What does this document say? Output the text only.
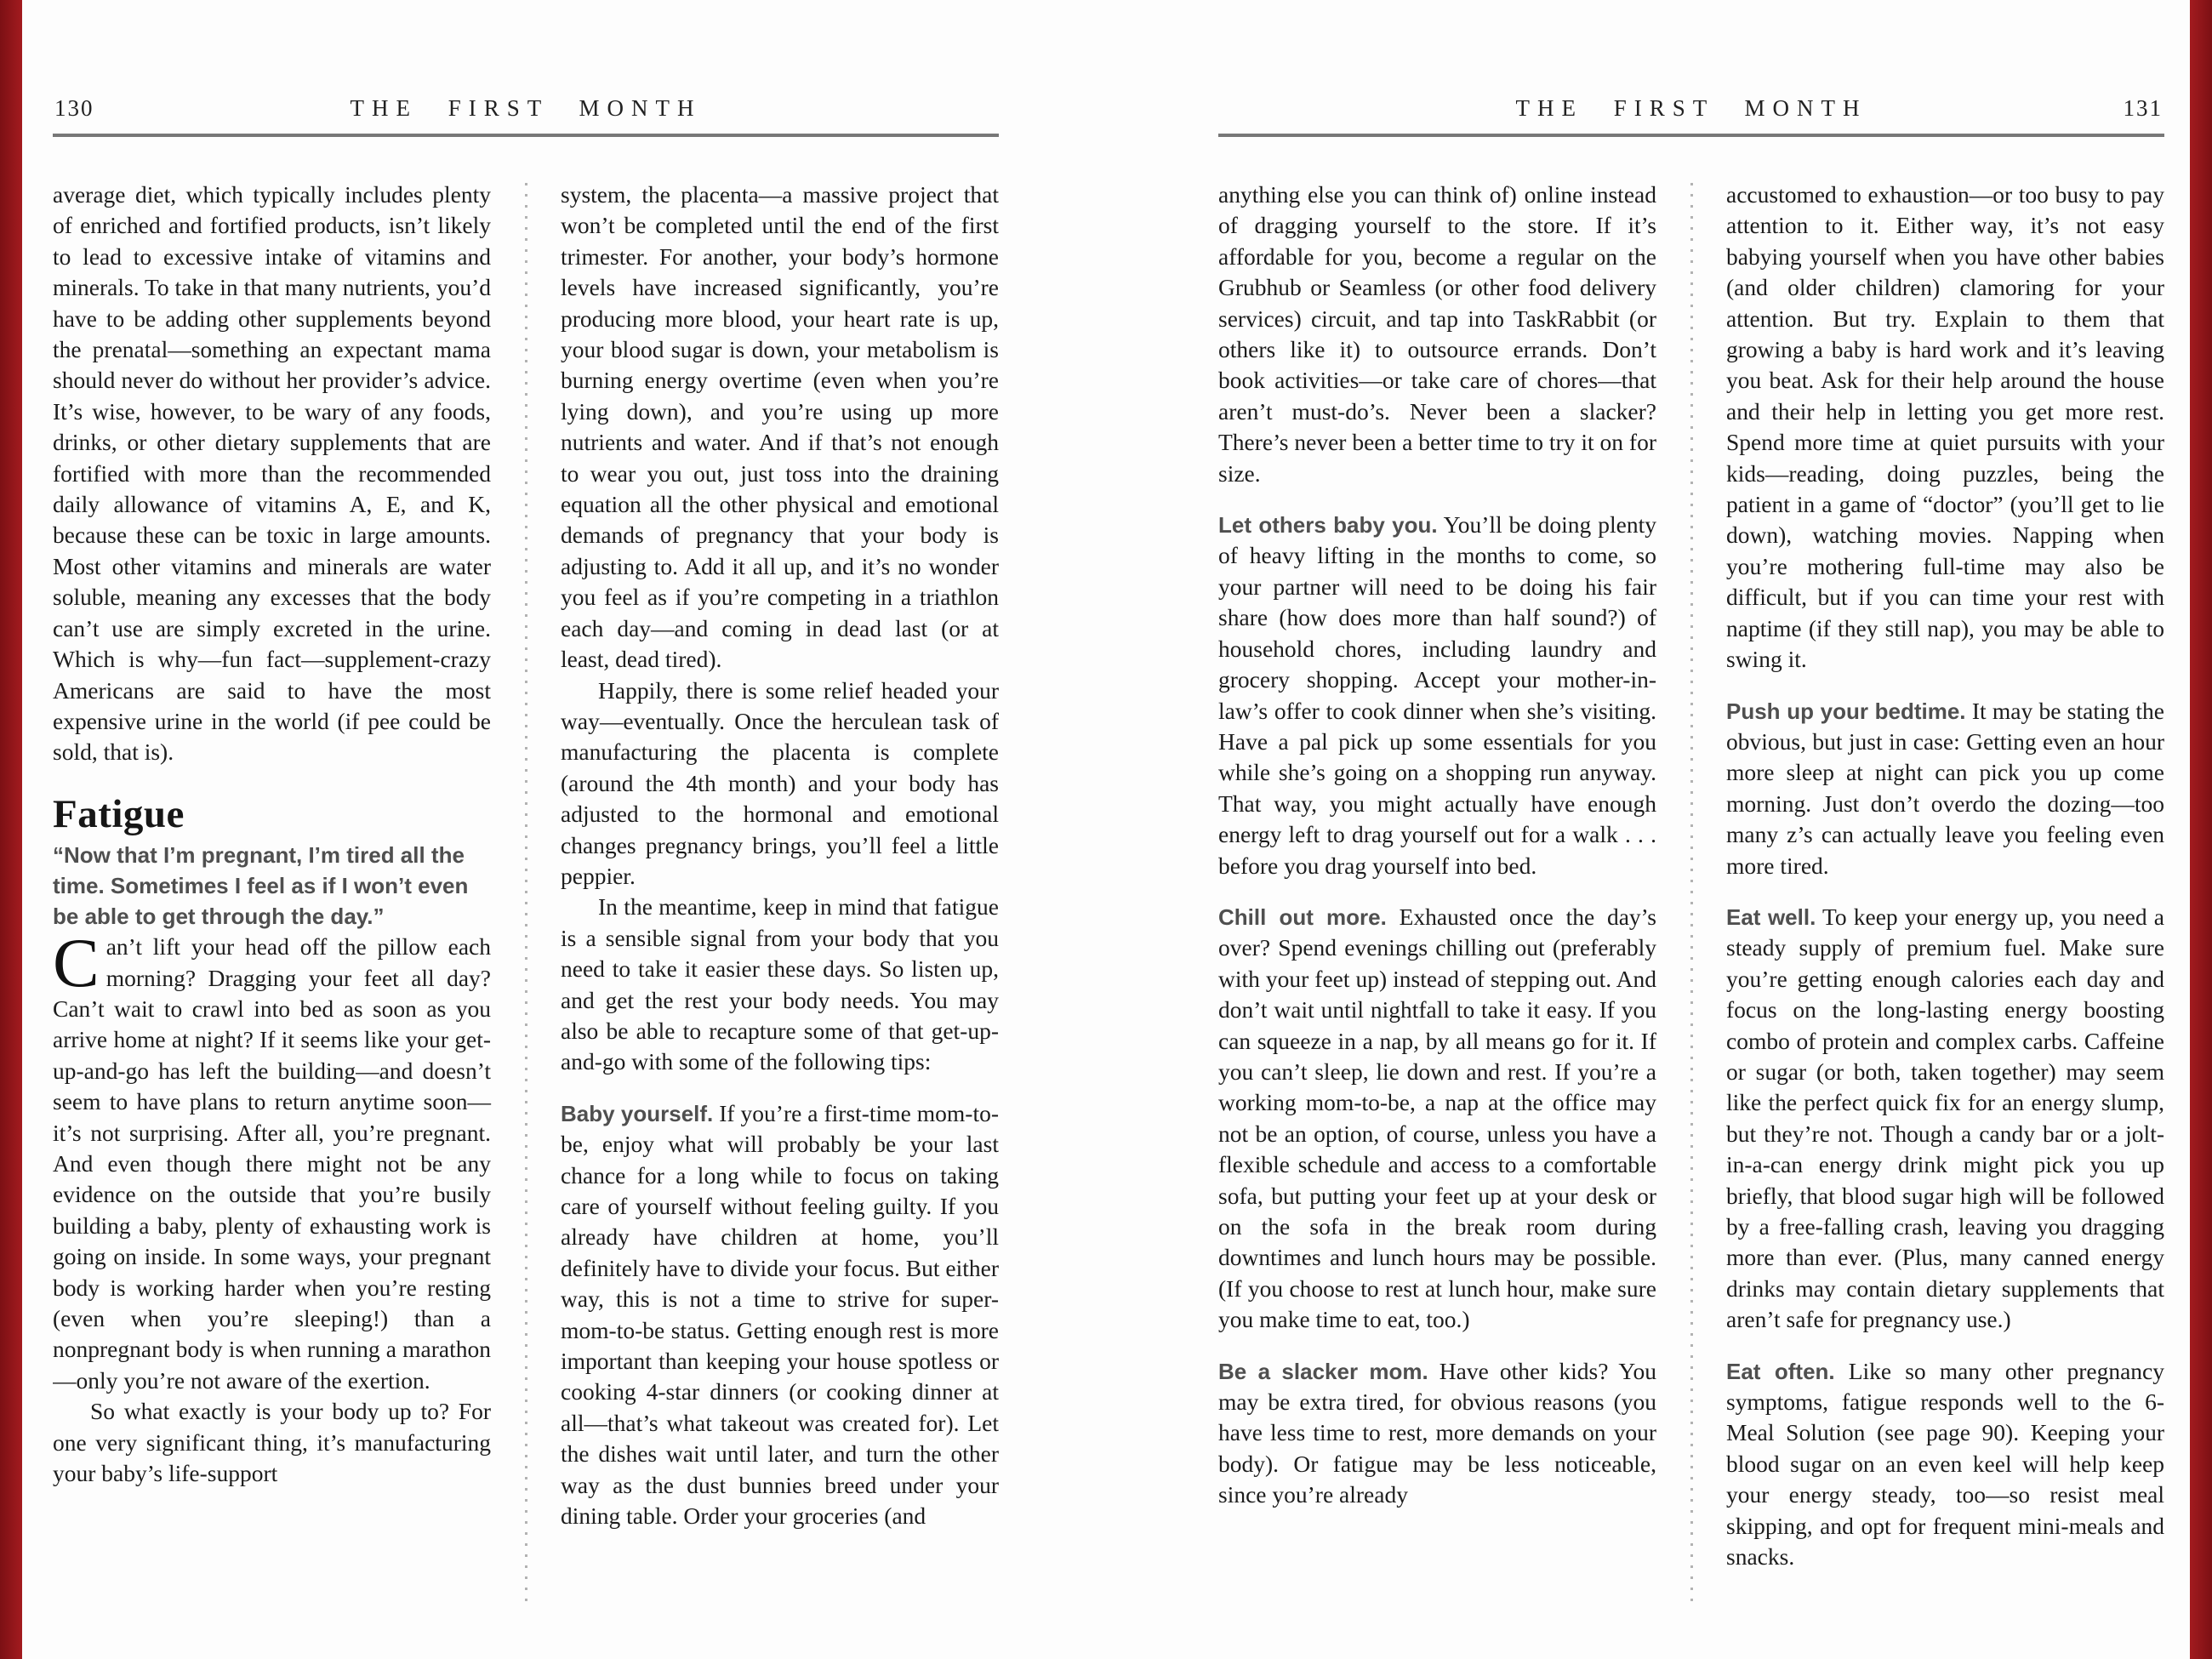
130	THE FIRST MONTH

average diet, which typically includes plenty of enriched and fortified products, isn’t likely to lead to excessive intake of vitamins and minerals. To take in that many nutrients, you’d have to be adding other supplements beyond the prenatal—something an expectant mama should never do without her provider’s advice. It’s wise, however, to be wary of any foods, drinks, or other dietary supplements that are fortified with more than the recommended daily allowance of vitamins A, E, and K, because these can be toxic in large amounts. Most other vitamins and minerals are water soluble, meaning any excesses that the body can’t use are simply excreted in the urine. Which is why—fun fact—supplement-crazy Americans are said to have the most expensive urine in the world (if pee could be sold, that is).

Fatigue

“Now that I’m pregnant, I’m tired all the time. Sometimes I feel as if I won’t even be able to get through the day.”

Can’t lift your head off the pillow each morning? Dragging your feet all day? Can’t wait to crawl into bed as soon as you arrive home at night? If it seems like your get-up-and-go has left the building—and doesn’t seem to have plans to return anytime soon—it’s not surprising. After all, you’re pregnant. And even though there might not be any evidence on the outside that you’re busily building a baby, plenty of exhausting work is going on inside. In some ways, your pregnant body is working harder when you’re resting (even when you’re sleeping!) than a nonpregnant body is when running a marathon—only you’re not aware of the exertion.

So what exactly is your body up to? For one very significant thing, it’s manufacturing your baby’s life-support

system, the placenta—a massive project that won’t be completed until the end of the first trimester. For another, your body’s hormone levels have increased significantly, you’re producing more blood, your heart rate is up, your blood sugar is down, your metabolism is burning energy overtime (even when you’re lying down), and you’re using up more nutrients and water. And if that’s not enough to wear you out, just toss into the draining equation all the other physical and emotional demands of pregnancy that your body is adjusting to. Add it all up, and it’s no wonder you feel as if you’re competing in a triathlon each day—and coming in dead last (or at least, dead tired).

Happily, there is some relief headed your way—eventually. Once the herculean task of manufacturing the placenta is complete (around the 4th month) and your body has adjusted to the hormonal and emotional changes pregnancy brings, you’ll feel a little peppier.

In the meantime, keep in mind that fatigue is a sensible signal from your body that you need to take it easier these days. So listen up, and get the rest your body needs. You may also be able to recapture some of that get-up-and-go with some of the following tips:

Baby yourself. If you’re a first-time mom-to-be, enjoy what will probably be your last chance for a long while to focus on taking care of yourself without feeling guilty. If you already have children at home, you’ll definitely have to divide your focus. But either way, this is not a time to strive for super-mom-to-be status. Getting enough rest is more important than keeping your house spotless or cooking 4-star dinners (or cooking dinner at all—that’s what takeout was created for). Let the dishes wait until later, and turn the other way as the dust bunnies breed under your dining table. Order your groceries (and

THE FIRST MONTH	131

anything else you can think of) online instead of dragging yourself to the store. If it’s affordable for you, become a regular on the Grubhub or Seamless (or other food delivery services) circuit, and tap into TaskRabbit (or others like it) to outsource errands. Don’t book activities—or take care of chores—that aren’t must-do’s. Never been a slacker? There’s never been a better time to try it on for size.

Let others baby you. You’ll be doing plenty of heavy lifting in the months to come, so your partner will need to be doing his fair share (how does more than half sound?) of household chores, including laundry and grocery shopping. Accept your mother-in-law’s offer to cook dinner when she’s visiting. Have a pal pick up some essentials for you while she’s going on a shopping run anyway. That way, you might actually have enough energy left to drag yourself out for a walk . . . before you drag yourself into bed.

Chill out more. Exhausted once the day’s over? Spend evenings chilling out (preferably with your feet up) instead of stepping out. And don’t wait until nightfall to take it easy. If you can squeeze in a nap, by all means go for it. If you can’t sleep, lie down and rest. If you’re a working mom-to-be, a nap at the office may not be an option, of course, unless you have a flexible schedule and access to a comfortable sofa, but putting your feet up at your desk or on the sofa in the break room during downtimes and lunch hours may be possible. (If you choose to rest at lunch hour, make sure you make time to eat, too.)

Be a slacker mom. Have other kids? You may be extra tired, for obvious reasons (you have less time to rest, more demands on your body). Or fatigue may be less noticeable, since you’re already

accustomed to exhaustion—or too busy to pay attention to it. Either way, it’s not easy babying yourself when you have other babies (and older children) clamoring for your attention. But try. Explain to them that growing a baby is hard work and it’s leaving you beat. Ask for their help around the house and their help in letting you get more rest. Spend more time at quiet pursuits with your kids—reading, doing puzzles, being the patient in a game of “doctor” (you’ll get to lie down), watching movies. Napping when you’re mothering full-time may also be difficult, but if you can time your rest with naptime (if they still nap), you may be able to swing it.

Push up your bedtime. It may be stating the obvious, but just in case: Getting even an hour more sleep at night can pick you up come morning. Just don’t overdo the dozing—too many z’s can actually leave you feeling even more tired.

Eat well. To keep your energy up, you need a steady supply of premium fuel. Make sure you’re getting enough calories each day and focus on the long-lasting energy boosting combo of protein and complex carbs. Caffeine or sugar (or both, taken together) may seem like the perfect quick fix for an energy slump, but they’re not. Though a candy bar or a jolt-in-a-can energy drink might pick you up briefly, that blood sugar high will be followed by a free-falling crash, leaving you dragging more than ever. (Plus, many canned energy drinks may contain dietary supplements that aren’t safe for pregnancy use.)

Eat often. Like so many other pregnancy symptoms, fatigue responds well to the 6-Meal Solution (see page 90). Keeping your blood sugar on an even keel will help keep your energy steady, too—so resist meal skipping, and opt for frequent mini-meals and snacks.
